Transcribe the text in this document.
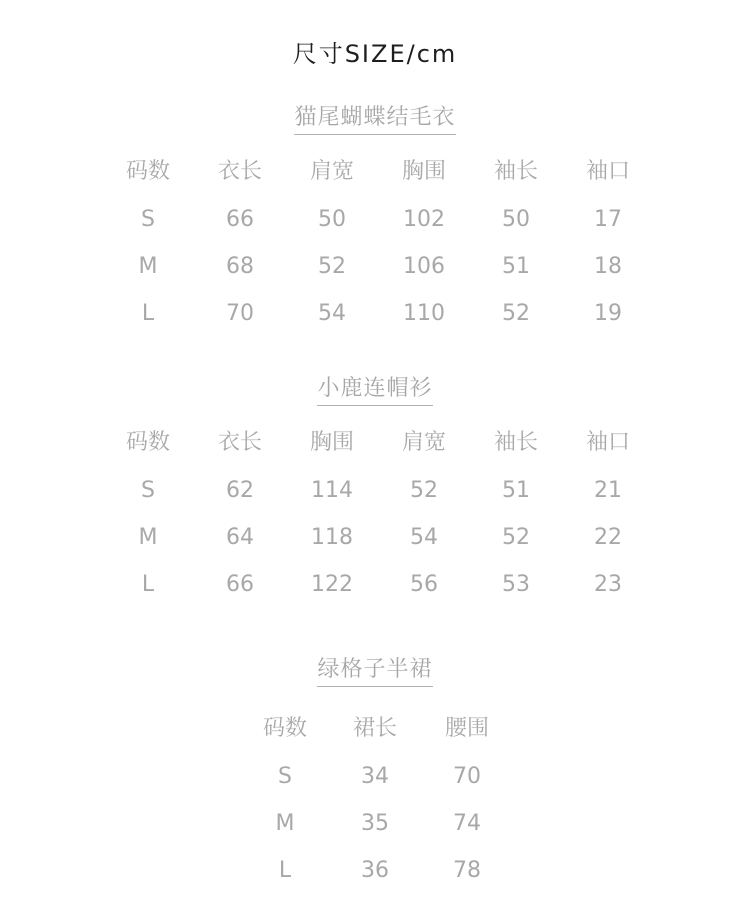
尺寸SIZE/cm
猫尾蝴蝶结毛衣
码数	衣长	肩宽	胸围	袖长	袖口
S	66	50	102	50	17
M	68	52	106	51	18
L	70	54	110	52	19
小鹿连帽衫
码数	衣长	胸围	肩宽	袖长	袖口
S	62	114	52	51	21
M	64	118	54	52	22
L	66	122	56	53	23
绿格子半裙
码数	裙长	腰围
S	34	70
M	35	74
L	36	78
